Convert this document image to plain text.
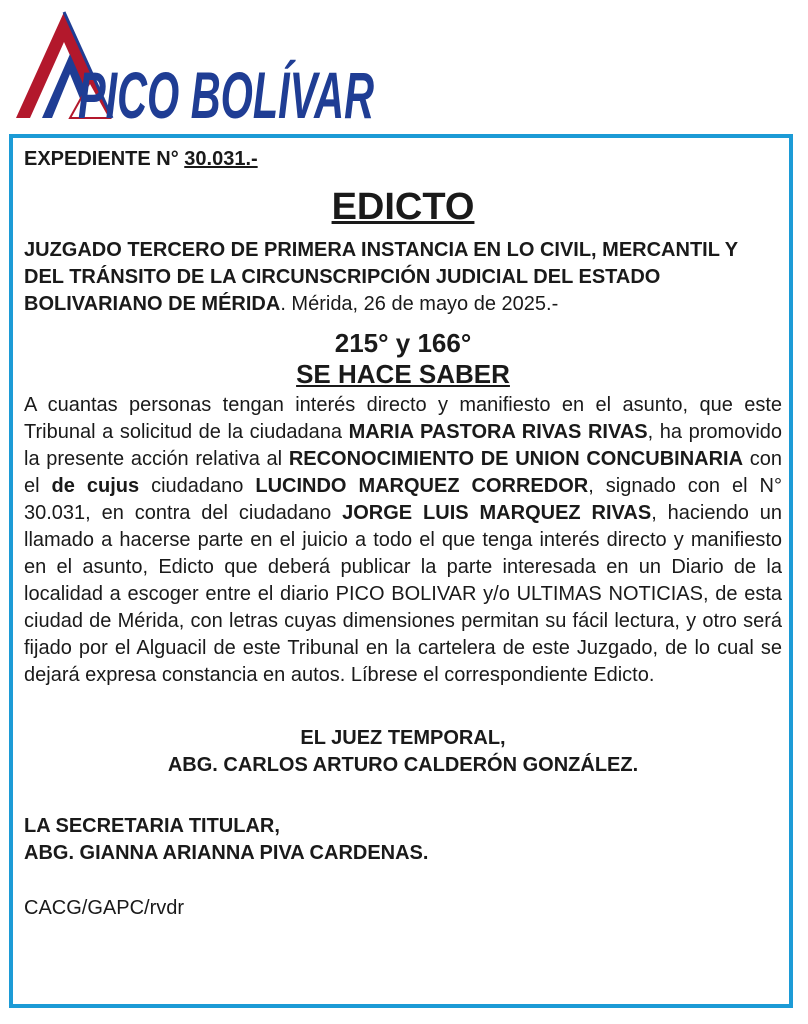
PICO BOLÍVAR

EXPEDIENTE N° 30.031.-

EDICTO

JUZGADO TERCERO DE PRIMERA INSTANCIA EN LO CIVIL, MERCANTIL Y DEL TRÁNSITO DE LA CIRCUNSCRIPCIÓN JUDICIAL DEL ESTADO BOLIVARIANO DE MÉRIDA. Mérida, 26 de mayo de 2025.-

215° y 166°
SE HACE SABER

A cuantas personas tengan interés directo y manifiesto en el asunto, que este Tribunal a solicitud de la ciudadana MARIA PASTORA RIVAS RIVAS, ha promovido la presente acción relativa al RECONOCIMIENTO DE UNION CONCUBINARIA con el de cujus ciudadano LUCINDO MARQUEZ CORREDOR, signado con el N° 30.031, en contra del ciudadano JORGE LUIS MARQUEZ RIVAS, haciendo un llamado a hacerse parte en el juicio a todo el que tenga interés directo y manifiesto en el asunto, Edicto que deberá publicar la parte interesada en un Diario de la localidad a escoger entre el diario PICO BOLIVAR y/o ULTIMAS NOTICIAS, de esta ciudad de Mérida, con letras cuyas dimensiones permitan su fácil lectura, y otro será fijado por el Alguacil de este Tribunal en la cartelera de este Juzgado, de lo cual se dejará expresa constancia en autos. Líbrese el correspondiente Edicto.

EL JUEZ TEMPORAL,
ABG. CARLOS ARTURO CALDERÓN GONZÁLEZ.
LA SECRETARIA TITULAR,
ABG. GIANNA ARIANNA PIVA CARDENAS.
CACG/GAPC/rvdr
